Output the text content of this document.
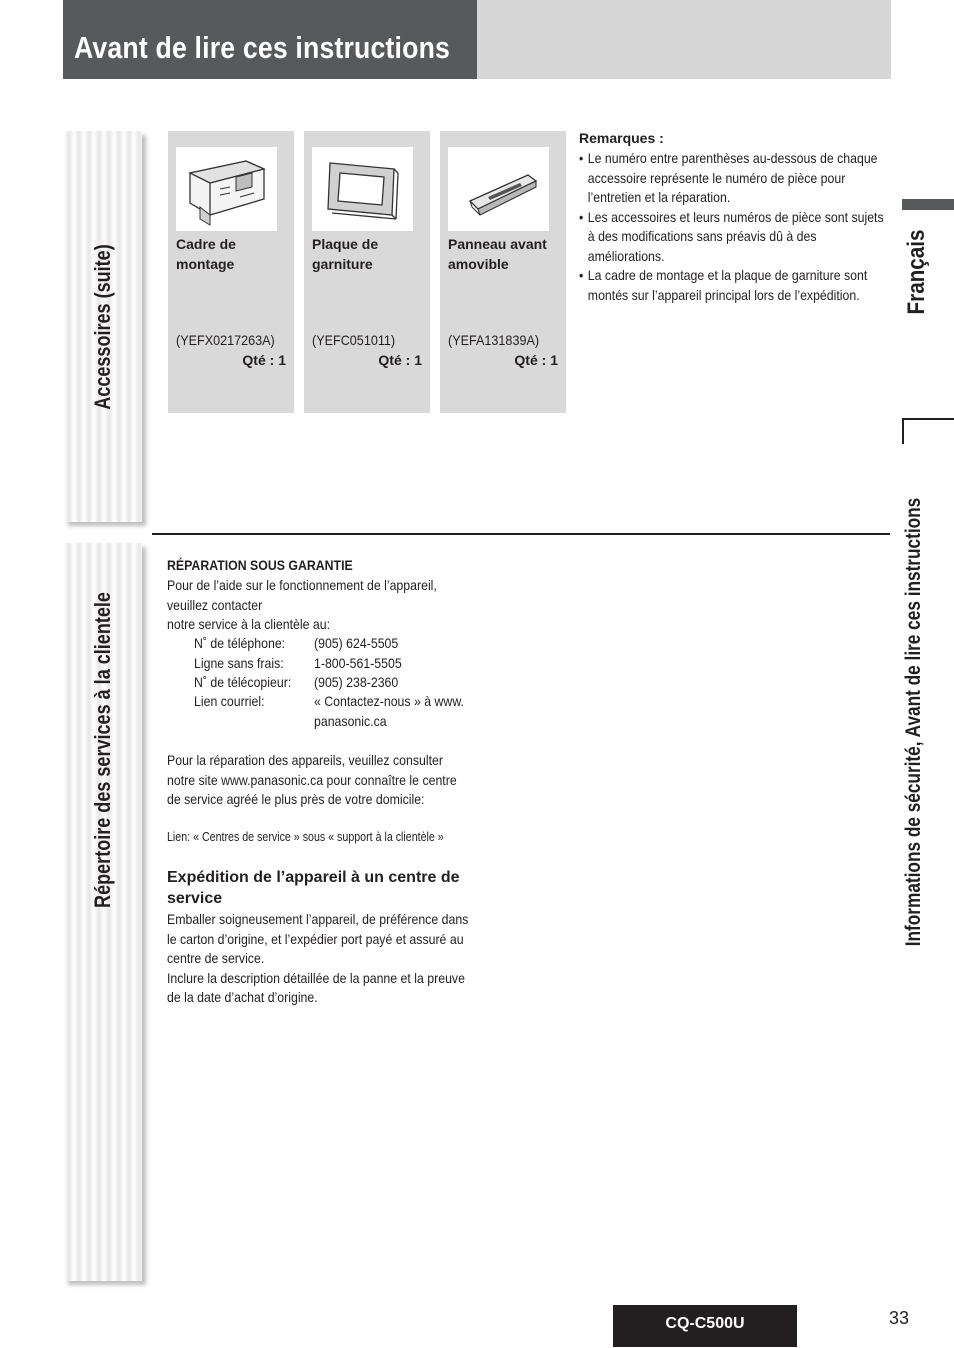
Avant de lire ces instructions
Accessoires (suite)
Répertoire des services à la clientele
Cadre de montage
(YEFX0217263A)
Qté : 1
Plaque de garniture
(YEFC051011)
Qté : 1
Panneau avant amovible
(YEFA131839A)
Qté : 1
Remarques :
• Le numéro entre parenthèses au-dessous de chaque accessoire représente le numéro de pièce pour l’entretien et la réparation.
• Les accessoires et leurs numéros de pièce sont sujets à des modifications sans préavis dû à des améliorations.
• La cadre de montage et la plaque de garniture sont montés sur l’appareil principal lors de l’expédition.
RÉPARATION SOUS GARANTIE
Pour de l’aide sur le fonctionnement de l’appareil,
veuillez contacter
notre service à la clientèle au:
N˚ de téléphone:	(905) 624-5505
Ligne sans frais:	1-800-561-5505
N˚ de télécopieur:	(905) 238-2360
Lien courriel:	« Contactez-nous » à www.
panasonic.ca
Pour la réparation des appareils, veuillez consulter
notre site www.panasonic.ca pour connaître le centre
de service agréé le plus près de votre domicile:
Lien: « Centres de service » sous « support à la clientèle »
Expédition de l’appareil à un centre de
service
Emballer soigneusement l’appareil, de préférence dans
le carton d’origine, et l’expédier port payé et assuré au
centre de service.
Inclure la description détaillée de la panne et la preuve
de la date d’achat d’origine.
Français
Informations de sécurité, Avant de lire ces instructions
CQ-C500U	33
